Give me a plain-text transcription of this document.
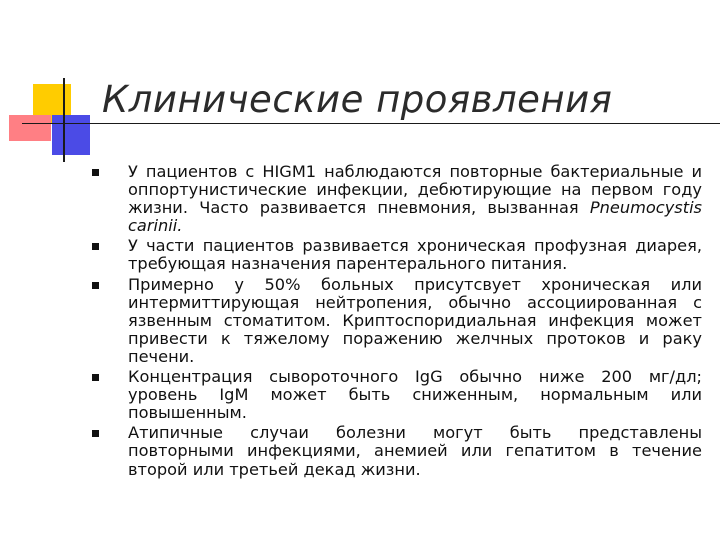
Клинические проявления
У пациентов с HIGM1 наблюдаются повторные бактериальные и оппортунистические инфекции, дебютирующие на первом году жизни. Часто развивается пневмония, вызванная Pneumocystis carinii.
У части пациентов развивается хроническая профузная диарея, требующая назначения парентерального питания.
Примерно у 50% больных присутсвует хроническая или интермиттирующая нейтропения, обычно ассоциированная с язвенным стоматитом. Криптоспоридиальная инфекция может привести к тяжелому поражению желчных протоков и раку печени.
Концентрация сывороточного IgG обычно ниже 200 мг/дл; уровень IgM может быть сниженным, нормальным или повышенным.
Атипичные случаи болезни могут быть представлены повторными инфекциями, анемией или гепатитом в течение второй или третьей декад жизни.
